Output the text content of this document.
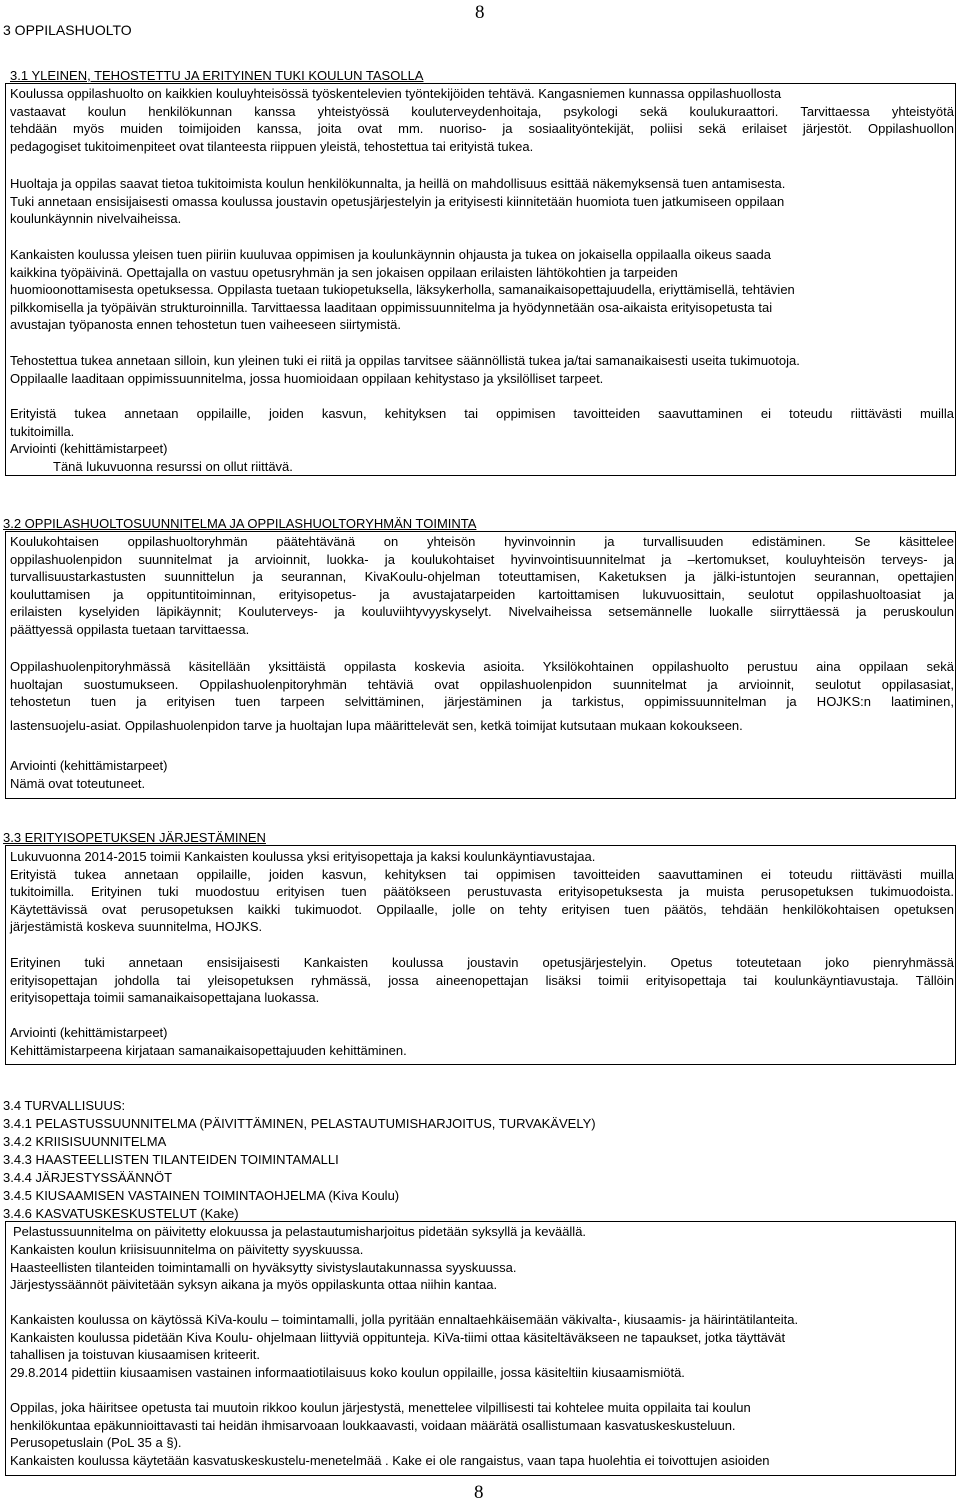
3 OPPILASHUOLTO
8
3.1 YLEINEN, TEHOSTETTU JA ERITYINEN TUKI KOULUN TASOLLA
Koulussa oppilashuolto on kaikkien kouluyhteisössä työskentelevien työntekijöiden tehtävä. Kangasniemen kunnassa oppilashuollosta
vastaavat koulun henkilökunnan kanssa yhteistyössä kouluterveydenhoitaja, psykologi sekä koulukuraattori. Tarvittaessa yhteistyötä
tehdään myös muiden toimijoiden kanssa, joita ovat mm. nuoriso- ja sosiaalityöntekijät, poliisi sekä erilaiset järjestöt. Oppilashuollon
pedagogiset tukitoimenpiteet ovat tilanteesta riippuen yleistä, tehostettua tai erityistä tukea.
Huoltaja ja oppilas saavat tietoa tukitoimista koulun henkilökunnalta, ja heillä on mahdollisuus esittää näkemyksensä tuen antamisesta.
Tuki annetaan ensisijaisesti omassa koulussa joustavin opetusjärjestelyin ja erityisesti kiinnitetään huomiota tuen jatkumiseen oppilaan
koulunkäynnin nivelvaiheissa.
Kankaisten koulussa yleisen tuen piiriin kuuluvaa oppimisen ja koulunkäynnin ohjausta ja tukea on jokaisella oppilaalla oikeus saada
kaikkina työpäivinä. Opettajalla on vastuu opetusryhmän ja sen jokaisen oppilaan erilaisten lähtökohtien ja tarpeiden
huomioonottamisesta opetuksessa. Oppilasta tuetaan tukiopetuksella, läksykerholla, samanaikaisopettajuudella, eriyttämisellä, tehtävien
pilkkomisella ja työpäivän strukturoinnilla. Tarvittaessa laaditaan oppimissuunnitelma ja hyödynnetään osa-aikaista erityisopetusta tai
avustajan työpanosta ennen tehostetun tuen vaiheeseen siirtymistä.
Tehostettua tukea annetaan silloin, kun yleinen tuki ei riitä ja oppilas tarvitsee säännöllistä tukea ja/tai samanaikaisesti useita tukimuotoja.
Oppilaalle laaditaan oppimissuunnitelma, jossa huomioidaan oppilaan kehitystaso ja yksilölliset tarpeet.
Erityistä tukea annetaan oppilaille, joiden kasvun, kehityksen tai oppimisen tavoitteiden saavuttaminen ei toteudu riittävästi muilla
tukitoimilla.
Arviointi (kehittämistarpeet)
Tänä lukuvuonna resurssi on ollut riittävä.
3.2 OPPILASHUOLTOSUUNNITELMA JA OPPILASHUOLTORYHMÄN TOIMINTA
Koulukohtaisen oppilashuoltoryhmän päätehtävänä on yhteisön hyvinvoinnin ja turvallisuuden edistäminen. Se käsittelee
oppilashuolenpidon suunnitelmat ja arvioinnit, luokka- ja koulukohtaiset hyvinvointisuunnitelmat ja –kertomukset, kouluyhteisön terveys- ja
turvallisuustarkastusten suunnittelun ja seurannan, KivaKoulu-ohjelman toteuttamisen, Kaketuksen ja jälki-istuntojen seurannan, opettajien
kouluttamisen ja oppituntitoiminnan, erityisopetus- ja avustajatarpeiden kartoittamisen lukuvuosittain, seulotut oppilashuoltoasiat ja
erilaisten kyselyiden läpikäynnit; Kouluterveys- ja kouluviihtyvyyskyselyt. Nivelvaiheissa setsemännelle luokalle siirryttäessä ja peruskoulun
päättyessä oppilasta tuetaan tarvittaessa.
Oppilashuolenpitoryhmässä käsitellään yksittäistä oppilasta koskevia asioita. Yksilökohtainen oppilashuolto perustuu aina oppilaan sekä
huoltajan suostumukseen. Oppilashuolenpitoryhmän tehtäviä ovat oppilashuolenpidon suunnitelmat ja arvioinnit, seulotut oppilasasiat,
tehostetun tuen ja erityisen tuen tarpeen selvittäminen, järjestäminen ja tarkistus, oppimissuunnitelman ja HOJKS:n laatiminen,
lastensuojelu-asiat. Oppilashuolenpidon tarve ja huoltajan lupa määrittelevät sen, ketkä toimijat kutsutaan mukaan kokoukseen.
Arviointi (kehittämistarpeet)
Nämä ovat toteutuneet.
3.3 ERITYISOPETUKSEN JÄRJESTÄMINEN
Lukuvuonna 2014-2015 toimii Kankaisten koulussa yksi erityisopettaja ja kaksi koulunkäyntiavustajaa.
Erityistä tukea annetaan oppilaille, joiden kasvun, kehityksen tai oppimisen tavoitteiden saavuttaminen ei toteudu riittävästi muilla
tukitoimilla. Erityinen tuki muodostuu erityisen tuen päätökseen perustuvasta erityisopetuksesta ja muista perusopetuksen tukimuodoista.
Käytettävissä ovat perusopetuksen kaikki tukimuodot. Oppilaalle, jolle on tehty erityisen tuen päätös, tehdään henkilökohtaisen opetuksen
järjestämistä koskeva suunnitelma, HOJKS.
Erityinen tuki annetaan ensisijaisesti Kankaisten koulussa joustavin opetusjärjestelyin. Opetus toteutetaan joko pienryhmässä
erityisopettajan johdolla tai yleisopetuksen ryhmässä, jossa aineenopettajan lisäksi toimii erityisopettaja tai koulunkäyntiavustaja. Tällöin
erityisopettaja toimii samanaikaisopettajana luokassa.
Arviointi (kehittämistarpeet)
Kehittämistarpeena kirjataan samanaikaisopettajuuden kehittäminen.
3.4 TURVALLISUUS:
3.4.1 PELASTUSSUUNNITELMA (PÄIVITTÄMINEN, PELASTAUTUMISHARJOITUS, TURVAKÄVELY)
3.4.2 KRIISISUUNNITELMA
3.4.3 HAASTEELLISTEN TILANTEIDEN TOIMINTAMALLI
3.4.4 JÄRJESTYSSÄÄNNÖT
3.4.5 KIUSAAMISEN VASTAINEN TOIMINTAOHJELMA (Kiva Koulu)
3.4.6 KASVATUSKESKUSTELUT (Kake)
Pelastussuunnitelma on päivitetty elokuussa ja pelastautumisharjoitus pidetään syksyllä ja keväällä.
Kankaisten koulun kriisisuunnitelma on päivitetty syyskuussa.
Haasteellisten tilanteiden toimintamalli on hyväksytty sivistyslautakunnassa syyskuussa.
Järjestyssäännöt päivitetään syksyn aikana ja myös oppilaskunta ottaa niihin kantaa.
Kankaisten koulussa on käytössä KiVa-koulu – toimintamalli, jolla pyritään ennaltaehkäisemään väkivalta-, kiusaamis- ja häirintätilanteita.
Kankaisten koulussa pidetään Kiva Koulu- ohjelmaan liittyviä oppitunteja. KiVa-tiimi ottaa käsiteltäväkseen ne tapaukset, jotka täyttävät
tahallisen ja toistuvan kiusaamisen kriteerit.
29.8.2014 pidettiin kiusaamisen vastainen informaatiotilaisuus koko koulun oppilaille, jossa käsiteltiin kiusaamismiötä.
Oppilas, joka häiritsee opetusta tai muutoin rikkoo koulun järjestystä, menettelee vilpillisesti tai kohtelee muita oppilaita tai koulun
henkilökuntaa epäkunnioittavasti tai heidän ihmisarvoaan loukkaavasti, voidaan määrätä osallistumaan kasvatuskeskusteluun.
Perusopetuslain (PoL 35 a §).
Kankaisten koulussa käytetään kasvatuskeskustelu-menetelmää . Kake ei ole rangaistus, vaan tapa huolehtia ei toivottujen asioiden
8
